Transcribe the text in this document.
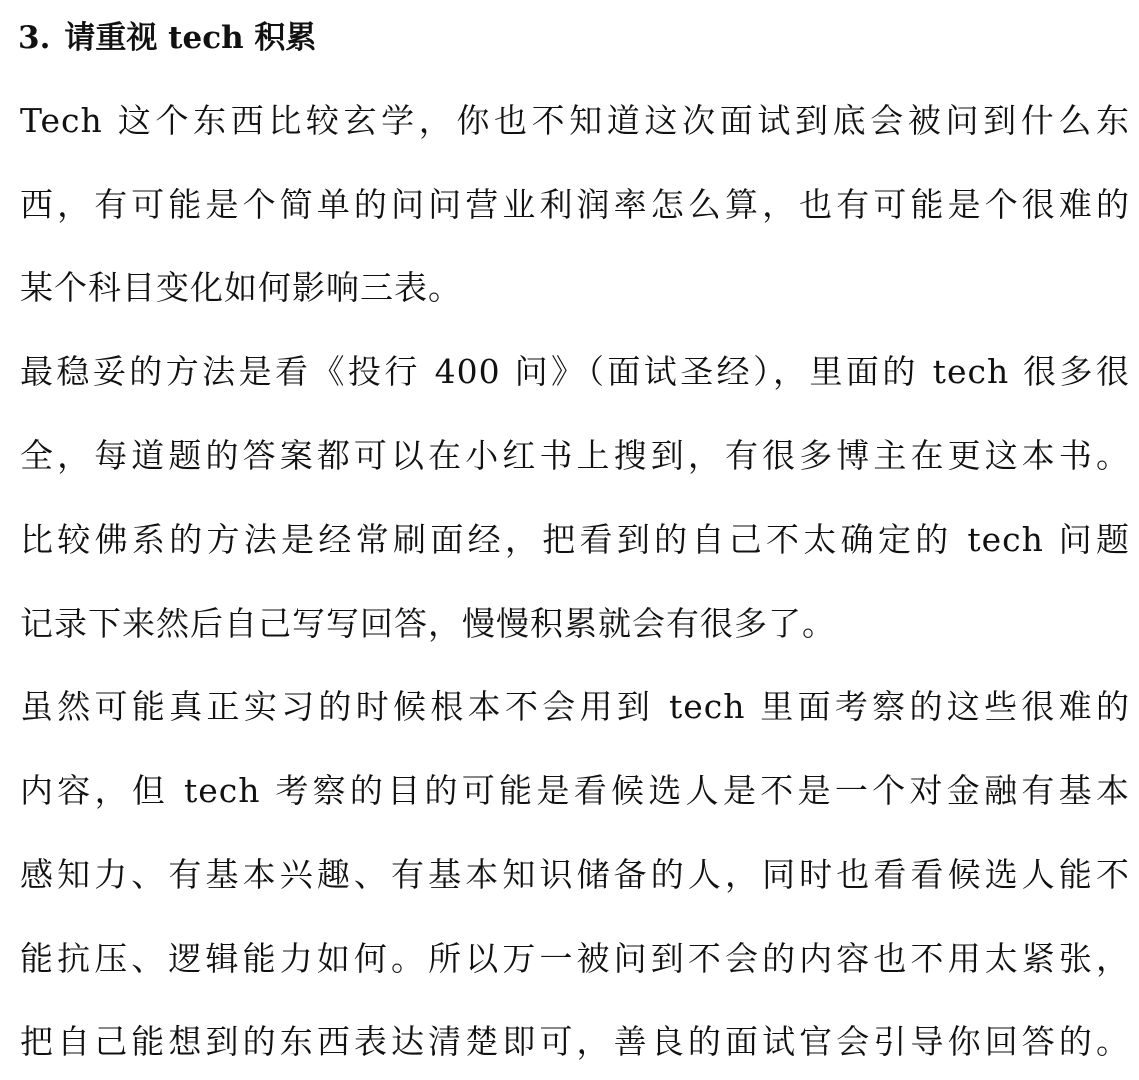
3. 请重视 tech 积累
Tech 这个东西比较玄学，你也不知道这次面试到底会被问到什么东
西，有可能是个简单的问问营业利润率怎么算，也有可能是个很难的
某个科目变化如何影响三表。
最稳妥的方法是看《投行 400 问》（面试圣经），里面的 tech 很多很
全，每道题的答案都可以在小红书上搜到，有很多博主在更这本书。
比较佛系的方法是经常刷面经，把看到的自己不太确定的 tech 问题
记录下来然后自己写写回答，慢慢积累就会有很多了。
虽然可能真正实习的时候根本不会用到 tech 里面考察的这些很难的
内容，但 tech 考察的目的可能是看候选人是不是一个对金融有基本
感知力、有基本兴趣、有基本知识储备的人，同时也看看候选人能不
能抗压、逻辑能力如何。所以万一被问到不会的内容也不用太紧张，
把自己能想到的东西表达清楚即可，善良的面试官会引导你回答的。
